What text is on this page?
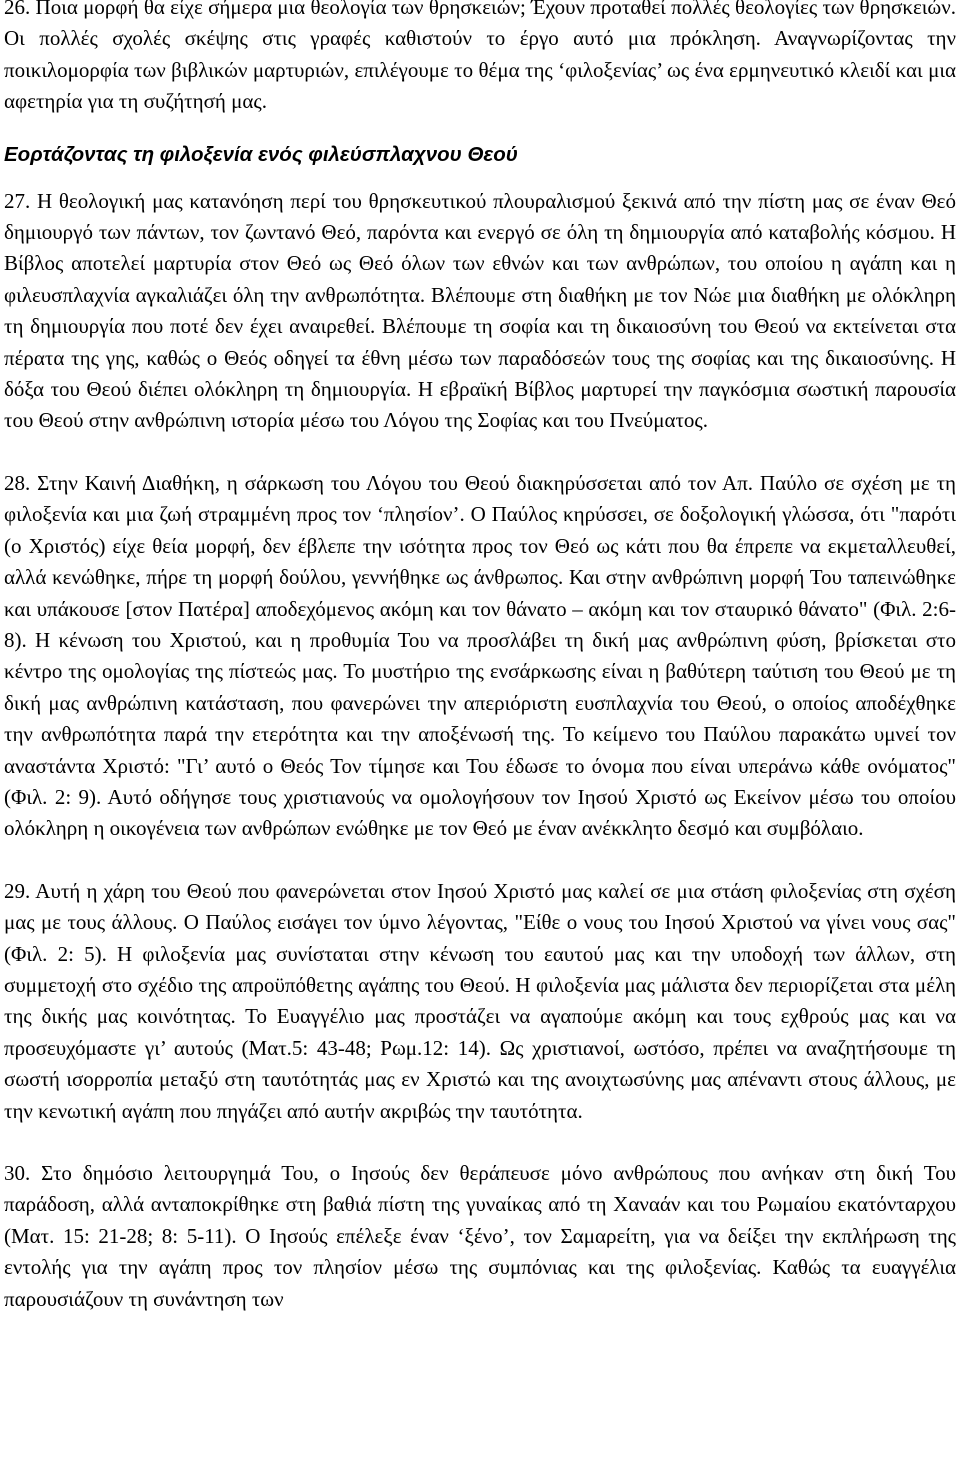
26. Ποια μορφή θα είχε σήμερα μια θεολογία των θρησκειών; Έχουν προταθεί πολλές θεολογίες των θρησκειών. Οι πολλές σχολές σκέψης στις γραφές καθιστούν το έργο αυτό μια πρόκληση. Αναγνωρίζοντας την ποικιλομορφία των βιβλικών μαρτυριών, επιλέγουμε το θέμα της ‘φιλοξενίας’ ως ένα ερμηνευτικό κλειδί και μια αφετηρία για τη συζήτησή μας.

Εορτάζοντας τη φιλοξενία ενός φιλεύσπλαχνου Θεού

27. Η θεολογική μας κατανόηση περί του θρησκευτικού πλουραλισμού ξεκινά από την πίστη μας σε έναν Θεό δημιουργό των πάντων, τον ζωντανό Θεό, παρόντα και ενεργό σε όλη τη δημιουργία από καταβολής κόσμου. Η Βίβλος αποτελεί μαρτυρία στον Θεό ως Θεό όλων των εθνών και των ανθρώπων, του οποίου η αγάπη και η φιλευσπλαχνία αγκαλιάζει όλη την ανθρωπότητα. Βλέπουμε στη διαθήκη με τον Νώε μια διαθήκη με ολόκληρη τη δημιουργία που ποτέ δεν έχει αναιρεθεί. Βλέπουμε τη σοφία και τη δικαιοσύνη του Θεού να εκτείνεται στα πέρατα της γης, καθώς ο Θεός οδηγεί τα έθνη μέσω των παραδόσεών τους της σοφίας και της δικαιοσύνης. Η δόξα του Θεού διέπει ολόκληρη τη δημιουργία. Η εβραϊκή Βίβλος μαρτυρεί την παγκόσμια σωστική παρουσία του Θεού στην ανθρώπινη ιστορία μέσω του Λόγου της Σοφίας και του Πνεύματος.

28. Στην Καινή Διαθήκη, η σάρκωση του Λόγου του Θεού διακηρύσσεται από τον Απ. Παύλο σε σχέση με τη φιλοξενία και μια ζωή στραμμένη προς τον ‘πλησίον’. Ο Παύλος κηρύσσει, σε δοξολογική γλώσσα, ότι "παρότι (ο Χριστός) είχε θεία μορφή, δεν έβλεπε την ισότητα προς τον Θεό ως κάτι που θα έπρεπε να εκμεταλλευθεί, αλλά κενώθηκε, πήρε τη μορφή δούλου, γεννήθηκε ως άνθρωπος. Και στην ανθρώπινη μορφή Του ταπεινώθηκε και υπάκουσε [στον Πατέρα] αποδεχόμενος ακόμη και τον θάνατο – ακόμη και τον σταυρικό θάνατο" (Φιλ. 2:6-8). Η κένωση του Χριστού, και η προθυμία Του να προσλάβει τη δική μας ανθρώπινη φύση, βρίσκεται στο κέντρο της ομολογίας της πίστεώς μας. Το μυστήριο της ενσάρκωσης είναι η βαθύτερη ταύτιση του Θεού με τη δική μας ανθρώπινη κατάσταση, που φανερώνει την απεριόριστη ευσπλαχνία του Θεού, ο οποίος αποδέχθηκε την ανθρωπότητα παρά την ετερότητα και την αποξένωσή της. Το κείμενο του Παύλου παρακάτω υμνεί τον αναστάντα Χριστό: "Γι’ αυτό ο Θεός Τον τίμησε και Του έδωσε το όνομα που είναι υπεράνω κάθε ονόματος" (Φιλ. 2: 9). Αυτό οδήγησε τους χριστιανούς να ομολογήσουν τον Ιησού Χριστό ως Εκείνον μέσω του οποίου ολόκληρη η οικογένεια των ανθρώπων ενώθηκε με τον Θεό με έναν ανέκκλητο δεσμό και συμβόλαιο.

29. Αυτή η χάρη του Θεού που φανερώνεται στον Ιησού Χριστό μας καλεί σε μια στάση φιλοξενίας στη σχέση μας με τους άλλους. Ο Παύλος εισάγει τον ύμνο λέγοντας, "Είθε ο νους του Ιησού Χριστού να γίνει νους σας" (Φιλ. 2: 5). Η φιλοξενία μας συνίσταται στην κένωση του εαυτού μας και την υποδοχή των άλλων, στη συμμετοχή στο σχέδιο της απροϋπόθετης αγάπης του Θεού. Η φιλοξενία μας μάλιστα δεν περιορίζεται στα μέλη της δικής μας κοινότητας. Το Ευαγγέλιο μας προστάζει να αγαπούμε ακόμη και τους εχθρούς μας και να προσευχόμαστε γι’ αυτούς (Ματ.5: 43-48; Ρωμ.12: 14). Ως χριστιανοί, ωστόσο, πρέπει να αναζητήσουμε τη σωστή ισορροπία μεταξύ στη ταυτότητάς μας εν Χριστώ και της ανοιχτωσύνης μας απέναντι στους άλλους, με την κενωτική αγάπη που πηγάζει από αυτήν ακριβώς την ταυτότητα.

30. Στο δημόσιο λειτουργημά Του, ο Ιησούς δεν θεράπευσε μόνο ανθρώπους που ανήκαν στη δική Του παράδοση, αλλά ανταποκρίθηκε στη βαθιά πίστη της γυναίκας από τη Χαναάν και του Ρωμαίου εκατόνταρχου (Ματ. 15: 21-28; 8: 5-11). Ο Ιησούς επέλεξε έναν ‘ξένο’, τον Σαμαρείτη, για να δείξει την εκπλήρωση της εντολής για την αγάπη προς τον πλησίον μέσω της συμπόνιας και της φιλοξενίας. Καθώς τα ευαγγέλια παρουσιάζουν τη συνάντηση των
